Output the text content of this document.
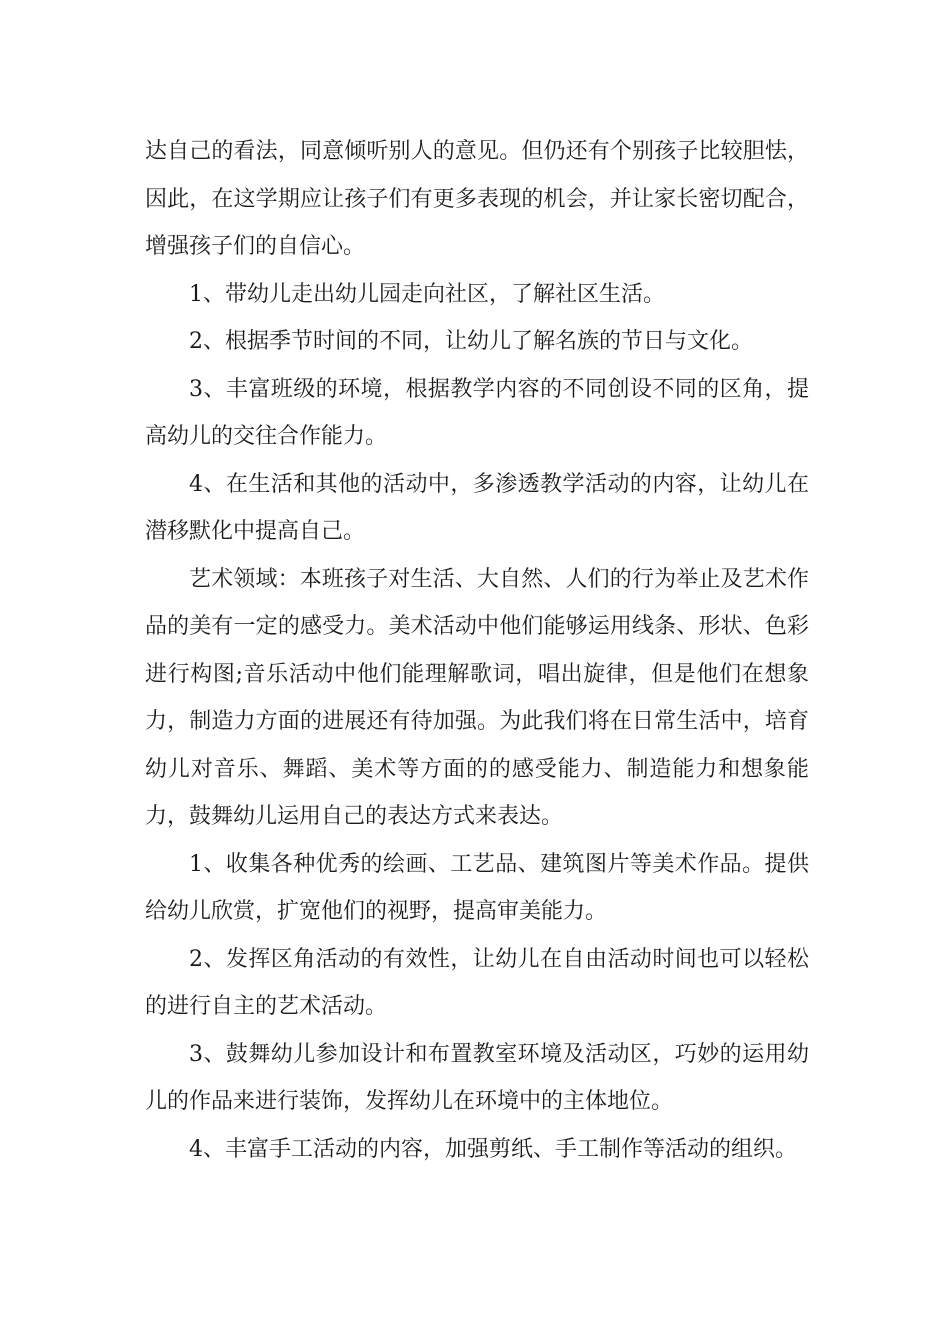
达自己的看法，同意倾听别人的意见。但仍还有个别孩子比较胆怯，因此，在这学期应让孩子们有更多表现的机会，并让家长密切配合，增强孩子们的自信心。

1、带幼儿走出幼儿园走向社区，了解社区生活。

2、根据季节时间的不同，让幼儿了解名族的节日与文化。

3、丰富班级的环境，根据教学内容的不同创设不同的区角，提高幼儿的交往合作能力。

4、在生活和其他的活动中，多渗透教学活动的内容，让幼儿在潜移默化中提高自己。

艺术领域：本班孩子对生活、大自然、人们的行为举止及艺术作品的美有一定的感受力。美术活动中他们能够运用线条、形状、色彩进行构图;音乐活动中他们能理解歌词，唱出旋律，但是他们在想象力，制造力方面的进展还有待加强。为此我们将在日常生活中，培育幼儿对音乐、舞蹈、美术等方面的的感受能力、制造能力和想象能力，鼓舞幼儿运用自己的表达方式来表达。

1、收集各种优秀的绘画、工艺品、建筑图片等美术作品。提供给幼儿欣赏，扩宽他们的视野，提高审美能力。

2、发挥区角活动的有效性，让幼儿在自由活动时间也可以轻松的进行自主的艺术活动。

3、鼓舞幼儿参加设计和布置教室环境及活动区，巧妙的运用幼儿的作品来进行装饰，发挥幼儿在环境中的主体地位。

4、丰富手工活动的内容，加强剪纸、手工制作等活动的组织。
